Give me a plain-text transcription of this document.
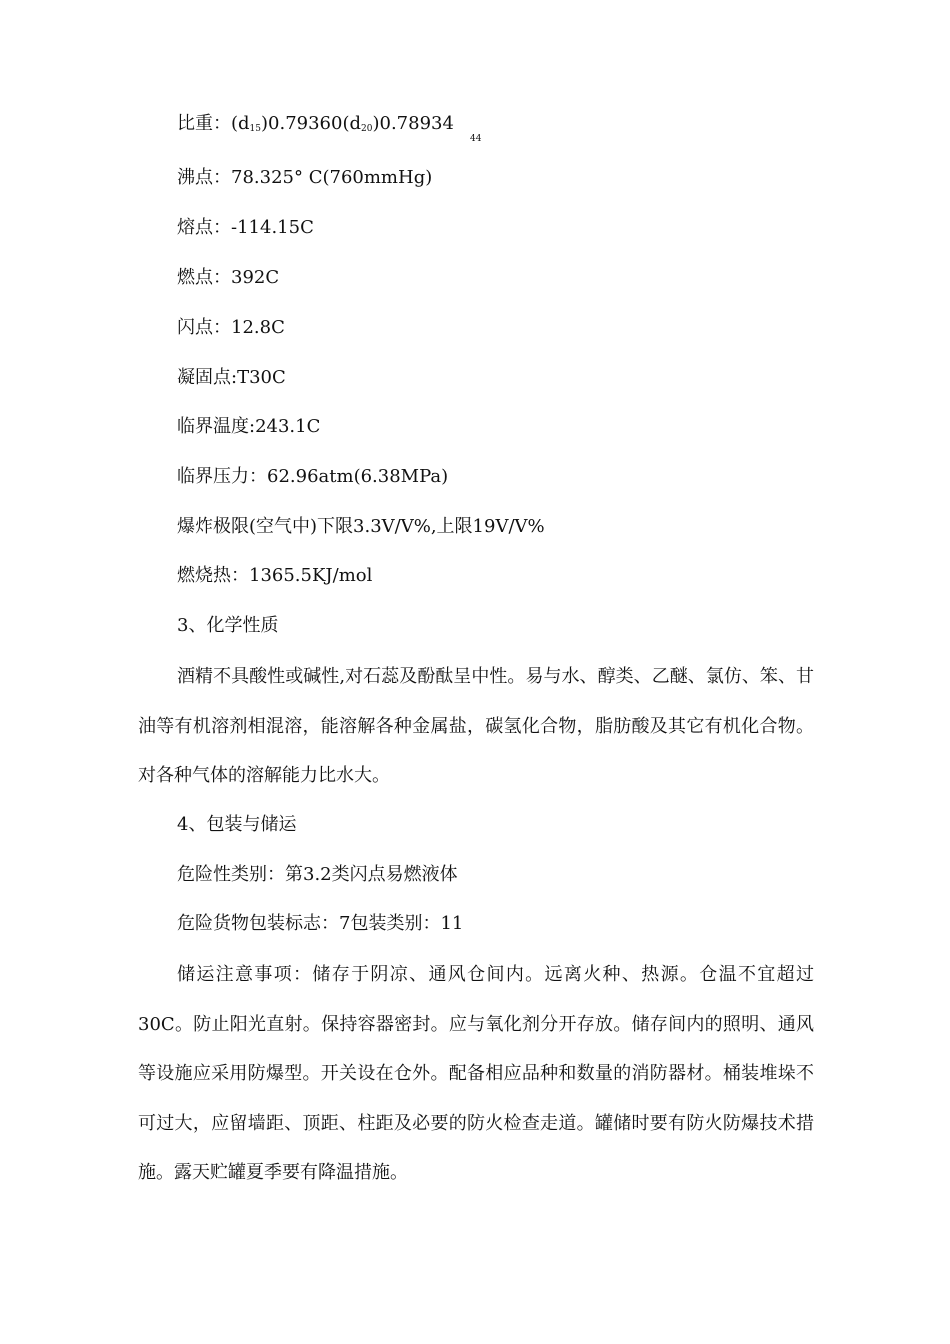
比重：$(d_{15})0.79360(d_{20})0.78934$
44
沸点：78.325° C(760mmHg)
熔点：-114.15C
燃点：392C
闪点：12.8C
凝固点:T30C
临界温度:243.1C
临界压力：62.96atm(6.38MPa)
爆炸极限(空气中)下限3.3V/V%,上限19V/V%
燃烧热：1365.5KJ/mol
3、化学性质
酒精不具酸性或碱性,对石蕊及酚酞呈中性。易与水、醇类、乙醚、氯仿、笨、甘油等有机溶剂相混溶，能溶解各种金属盐，碳氢化合物，脂肪酸及其它有机化合物。对各种气体的溶解能力比水大。
4、包装与储运
危险性类别：第3.2类闪点易燃液体
危险货物包装标志：7包装类别：11
储运注意事项：储存于阴凉、通风仓间内。远离火种、热源。仓温不宜超过30C。防止阳光直射。保持容器密封。应与氧化剂分开存放。储存间内的照明、通风等设施应采用防爆型。开关设在仓外。配备相应品种和数量的消防器材。桶装堆垛不可过大，应留墙距、顶距、柱距及必要的防火检查走道。罐储时要有防火防爆技术措施。露天贮罐夏季要有降温措施。
